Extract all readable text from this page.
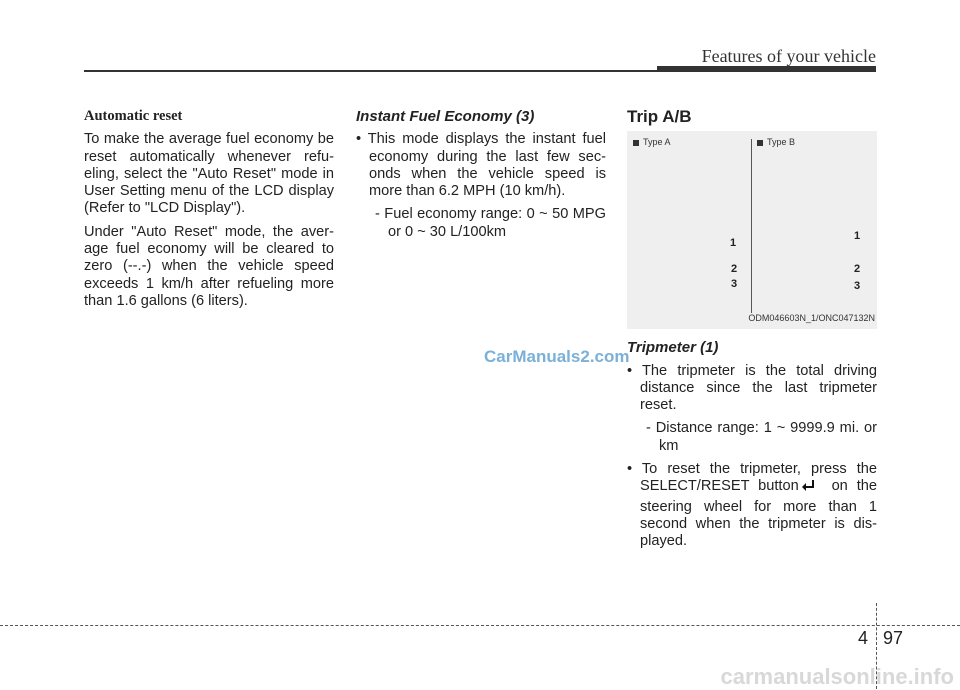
Features of your vehicle

Automatic reset

To make the average fuel economy be reset automatically whenever refu-eling, select the "Auto Reset" mode in User Setting menu of the LCD display (Refer to "LCD Display").

Under "Auto Reset" mode, the aver-age fuel economy will be cleared to zero (--.-) when the vehicle speed exceeds 1 km/h after refueling more than 1.6 gallons (6 liters).

Instant Fuel Economy (3)

• This mode displays the instant fuel economy during the last few sec-onds when the vehicle speed is more than 6.2 MPH (10 km/h).

- Fuel economy range: 0 ~ 50 MPG or 0 ~ 30 L/100km

Trip A/B

Type A	Type B
1
2
3
1
2
3
ODM046603N_1/ONC047132N

Tripmeter (1)

• The tripmeter is the total driving distance since the last tripmeter reset.

- Distance range: 1 ~ 9999.9 mi. or km

• To reset the tripmeter, press the SELECT/RESET button on the steering wheel for more than 1 second when the tripmeter is dis-played.

CarManuals2.com
4 97
carmanualsonline.info
